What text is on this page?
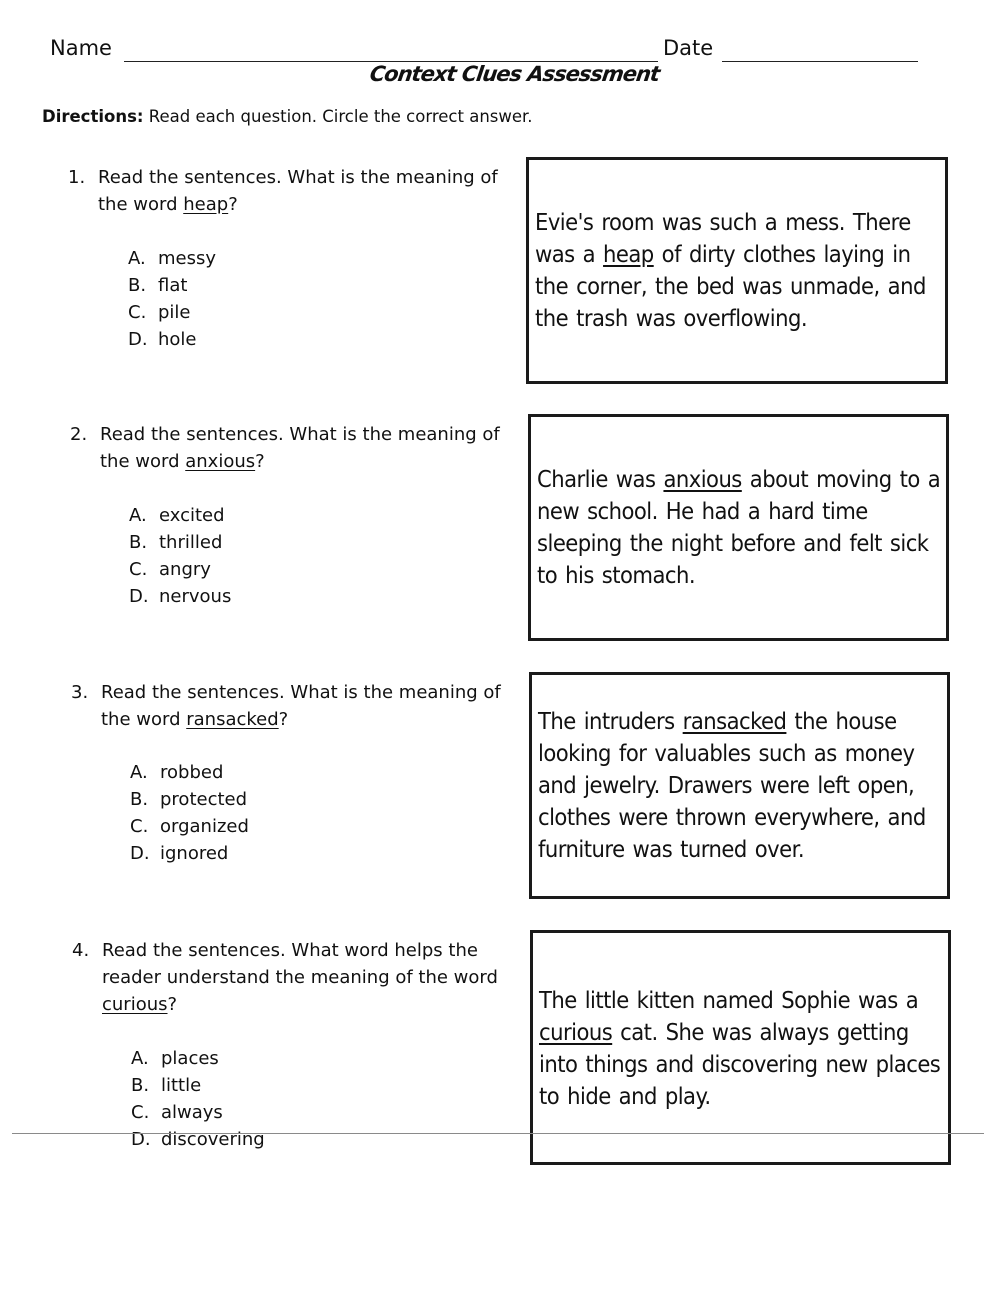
Name	Date
Context Clues Assessment
Directions: Read each question. Circle the correct answer.
1. Read the sentences. What is the meaning of the word heap?
A. messy
B. flat
C. pile
D. hole
Evie's room was such a mess. There
was a heap of dirty clothes laying in
the corner, the bed was unmade, and
the trash was overflowing.
2. Read the sentences. What is the meaning of the word anxious?
A. excited
B. thrilled
C. angry
D. nervous
Charlie was anxious about moving to a
new school. He had a hard time
sleeping the night before and felt sick
to his stomach.
3. Read the sentences. What is the meaning of the word ransacked?
A. robbed
B. protected
C. organized
D. ignored
The intruders ransacked the house
looking for valuables such as money
and jewelry. Drawers were left open,
clothes were thrown everywhere, and
furniture was turned over.
4. Read the sentences. What word helps the reader understand the meaning of the word curious?
A. places
B. little
C. always
D. discovering
The little kitten named Sophie was a
curious cat. She was always getting
into things and discovering new places
to hide and play.
